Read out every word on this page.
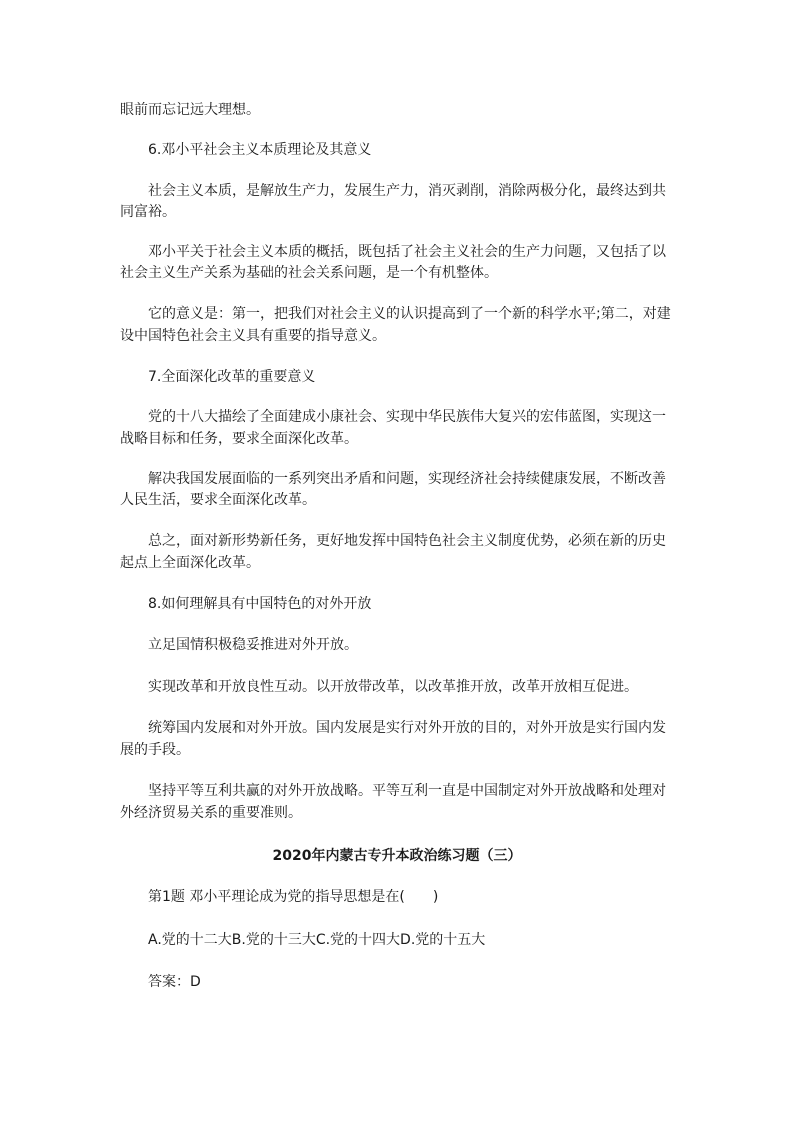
眼前而忘记远大理想。
6.邓小平社会主义本质理论及其意义
社会主义本质，是解放生产力，发展生产力，消灭剥削，消除两极分化，最终达到共
同富裕。
邓小平关于社会主义本质的概括，既包括了社会主义社会的生产力问题，又包括了以
社会主义生产关系为基础的社会关系问题，是一个有机整体。
它的意义是：第一，把我们对社会主义的认识提高到了一个新的科学水平;第二，对建
设中国特色社会主义具有重要的指导意义。
7.全面深化改革的重要意义
党的十八大描绘了全面建成小康社会、实现中华民族伟大复兴的宏伟蓝图，实现这一
战略目标和任务，要求全面深化改革。
解决我国发展面临的一系列突出矛盾和问题，实现经济社会持续健康发展，不断改善
人民生活，要求全面深化改革。
总之，面对新形势新任务，更好地发挥中国特色社会主义制度优势，必须在新的历史
起点上全面深化改革。
8.如何理解具有中国特色的对外开放
立足国情积极稳妥推进对外开放。
实现改革和开放良性互动。以开放带改革，以改革推开放，改革开放相互促进。
统筹国内发展和对外开放。国内发展是实行对外开放的目的，对外开放是实行国内发
展的手段。
坚持平等互利共赢的对外开放战略。平等互利一直是中国制定对外开放战略和处理对
外经济贸易关系的重要准则。
2020年内蒙古专升本政治练习题（三）
第1题 邓小平理论成为党的指导思想是在(　　)
A.党的十二大B.党的十三大C.党的十四大D.党的十五大
答案：D
